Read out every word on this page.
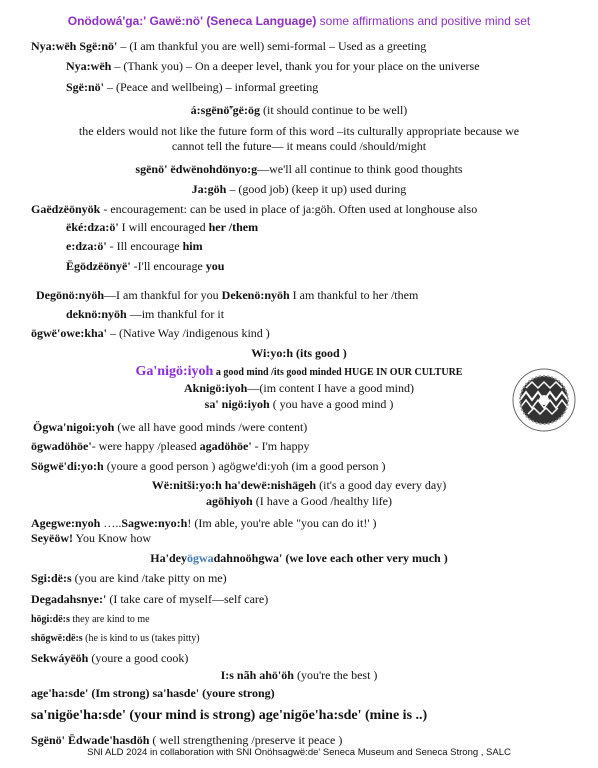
Onödowá'ga:' Gawë:nö' (Seneca Language) some affirmations and positive mind set
Nya:wëh Sgë:nö' – (I am thankful you are well) semi-formal – Used as a greeting
Nya:wëh – (Thank you) – On a deeper level, thank you for your place on the universe
Sgë:nö' – (Peace and wellbeing) – informal greeting
á:sgënö̃'gë:ög (it should continue to be well)
the elders would not like the future form of this word –its culturally appropriate because we
cannot tell the future— it means could /should/might
sgënö' ëdwënohdönyo:g—we'll all continue to think good thoughts
Ja:göh – (good job) (keep it up) used during
Gaëdzëönyök - encouragement: can be used in place of ja:göh. Often used at longhouse also
ëké:dza:ö' I will encouraged her /them
e:dza:ö' - Ill encourage him
Ëgödzëönyë' -I'll encourage you
Degönö:nyöh—I am thankful for you Dekenö:nyöh I am thankful to her /them
deknö:nyöh —im thankful for it
ögwë'owe:kha' – (Native Way /indigenous kind )
Wi:yo:h (its good )
Ga'nigö:iyoh a good mind /its good minded HUGE IN OUR CULTURE
Aknigö:iyoh—(im content I have a good mind)
sa' nigö:iyoh ( you have a good mind )
Ögwa'nigoi:yoh (we all have good minds /were content)
ögwadöhöe'- were happy /pleased agadöhöe' - I'm happy
Sögwë'di:yo:h (youre a good person ) agögwe'di:yoh (im a good person )
Wë:nitši:yo:h ha'dewë:nishägeh (it's a good day every day)
agöhiyoh (I have a Good /healthy life)
Agegwe:nyoh …..Sagwe:nyo:h! (Im able, you're able "you can do it!' )
Seyëöw! You Know how
Ha'deyögwadahnoöhgwa' (we love each other very much )
Sgi:dë:s (you are kind /take pitty on me)
Degadahsnye:' (I take care of myself—self care)
högi:dë:s they are kind to me
shögwë:dë:s (he is kind to us (takes pitty)
Sekwáyëöh (youre a good cook)
I:s nãh ahö'öh (you're the best )
age'ha:sde' (Im strong) sa'hasde' (youre strong)
sa'nigöe'ha:sde' (your mind is strong) age'nigöe'ha:sde' (mine is ..)
Sgënö' Ëdwade'hasdöh ( well strengthening /preserve it peace )
SNI ALD 2024 in collaboration with SNI Onöhsagwë:de' Seneca Museum and Seneca Strong , SALC
